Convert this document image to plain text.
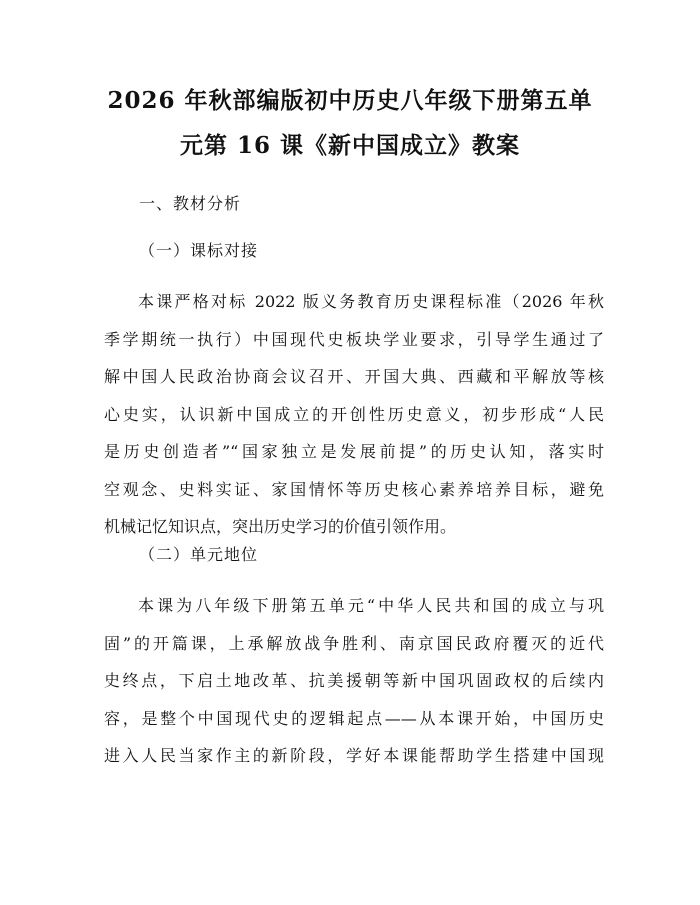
2026 年秋部编版初中历史八年级下册第五单
元第 16 课《新中国成立》教案
一、教材分析
（一）课标对接
本课严格对标 2022 版义务教育历史课程标准（2026 年秋
季学期统一执行）中国现代史板块学业要求，引导学生通过了
解中国人民政治协商会议召开、开国大典、西藏和平解放等核
心史实，认识新中国成立的开创性历史意义，初步形成“人民
是历史创造者”“国家独立是发展前提”的历史认知，落实时
空观念、史料实证、家国情怀等历史核心素养培养目标，避免
机械记忆知识点，突出历史学习的价值引领作用。
（二）单元地位
本课为八年级下册第五单元“中华人民共和国的成立与巩
固”的开篇课，上承解放战争胜利、南京国民政府覆灭的近代
史终点，下启土地改革、抗美援朝等新中国巩固政权的后续内
容，是整个中国现代史的逻辑起点——从本课开始，中国历史
进入人民当家作主的新阶段，学好本课能帮助学生搭建中国现
